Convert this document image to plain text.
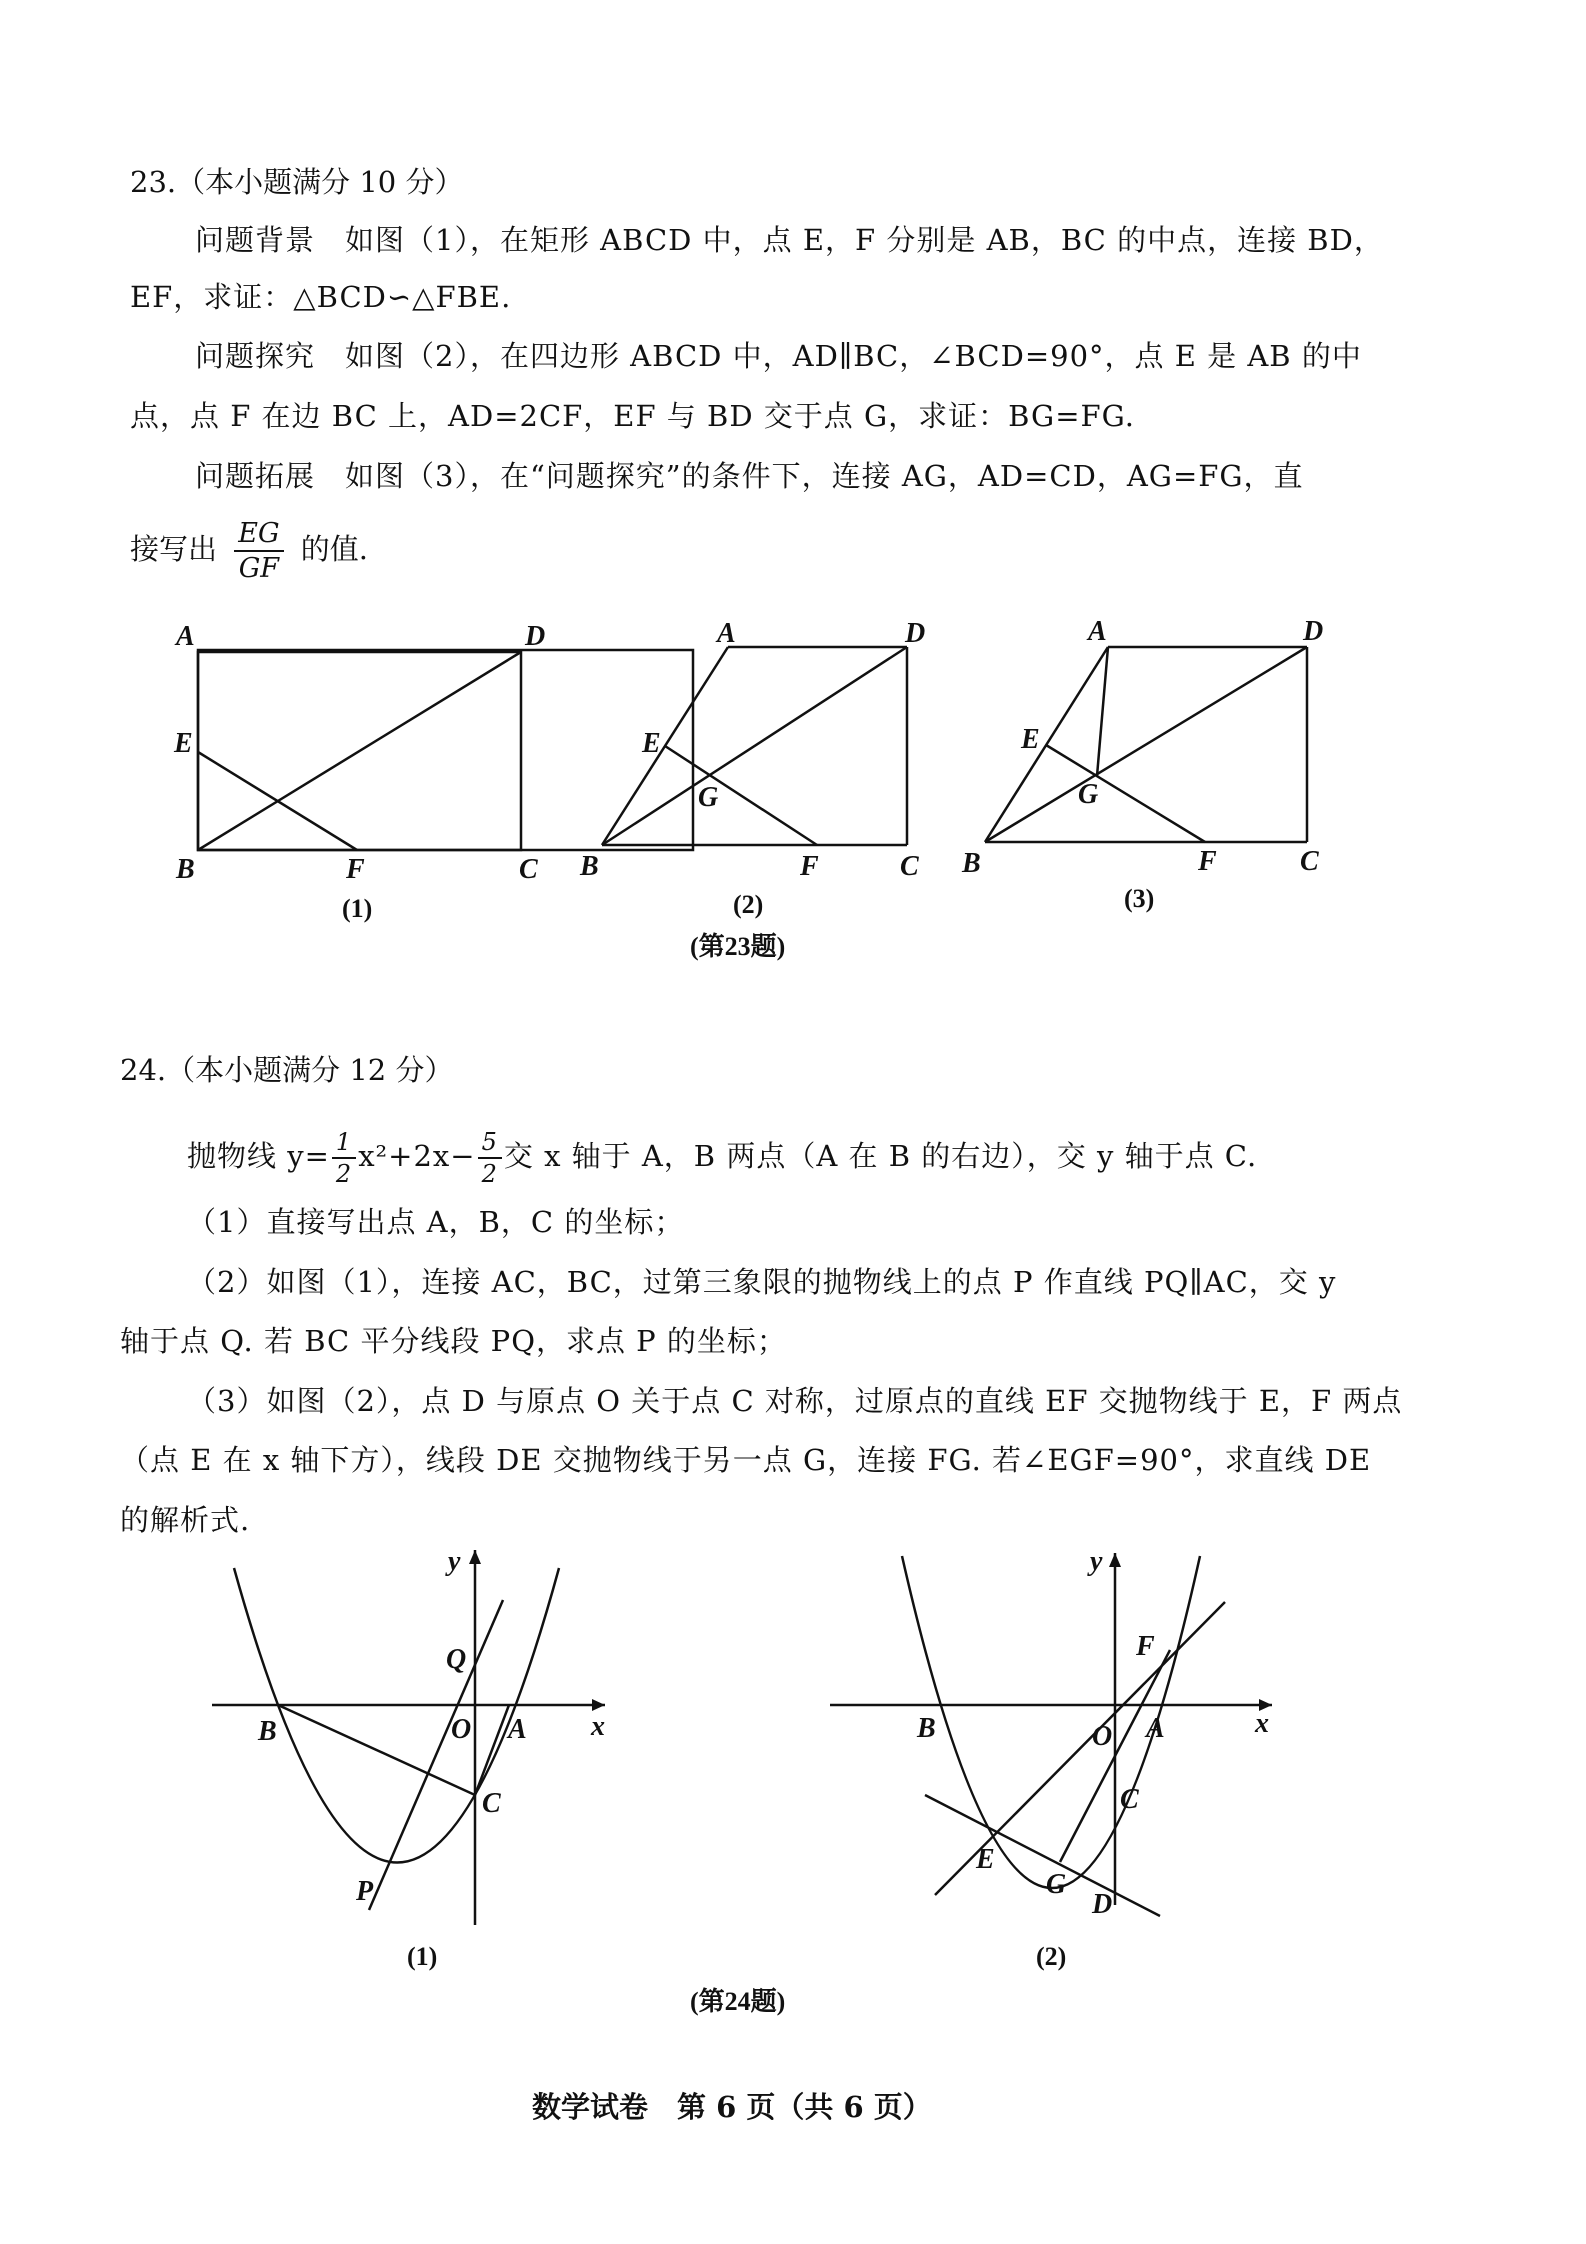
23.（本小题满分 10 分）
问题背景　如图（1），在矩形 ABCD 中，点 E，F 分别是 AB，BC 的中点，连接 BD，
EF，求证：△BCD∽△FBE.
问题探究　如图（2），在四边形 ABCD 中，AD∥BC，∠BCD=90°，点 E 是 AB 的中
点，点 F 在边 BC 上，AD=2CF，EF 与 BD 交于点 G，求证：BG=FG.
问题拓展　如图（3），在“问题探究”的条件下，连接 AG，AD=CD，AG=FG，直
接写出 $\frac{EG}{GF}$ 的值.
A
B	C
D
E
F
(1)
A
B	C
D
E
F
G
(2)
A
B	C
D
E
F
G
(3)
(第23题)
y
Q
B	O A x
C
P
(1)
y
F
B	O A	x
C
E
G
D
(2)
(第24题)
24.（本小题满分 12 分）
抛物线 $y= \frac{1}{2} x^2+2x- \frac{5}{2}$ 交 x 轴于 A，B 两点（A 在 B 的右边），交 y 轴于点 C.
（1）直接写出点 A，B，C 的坐标；
（2）如图（1），连接 AC，BC，过第三象限的抛物线上的点 P 作直线 PQ∥AC，交 y
轴于点 Q. 若 BC 平分线段 PQ，求点 P 的坐标；
（3）如图（2），点 D 与原点 O 关于点 C 对称，过原点的直线 EF 交抛物线于 E，F 两点
（点 E 在 x 轴下方），线段 DE 交抛物线于另一点 G，连接 FG. 若∠EGF=90°，求直线 DE
的解析式.
数学试卷　第 6 页（共 6 页）
